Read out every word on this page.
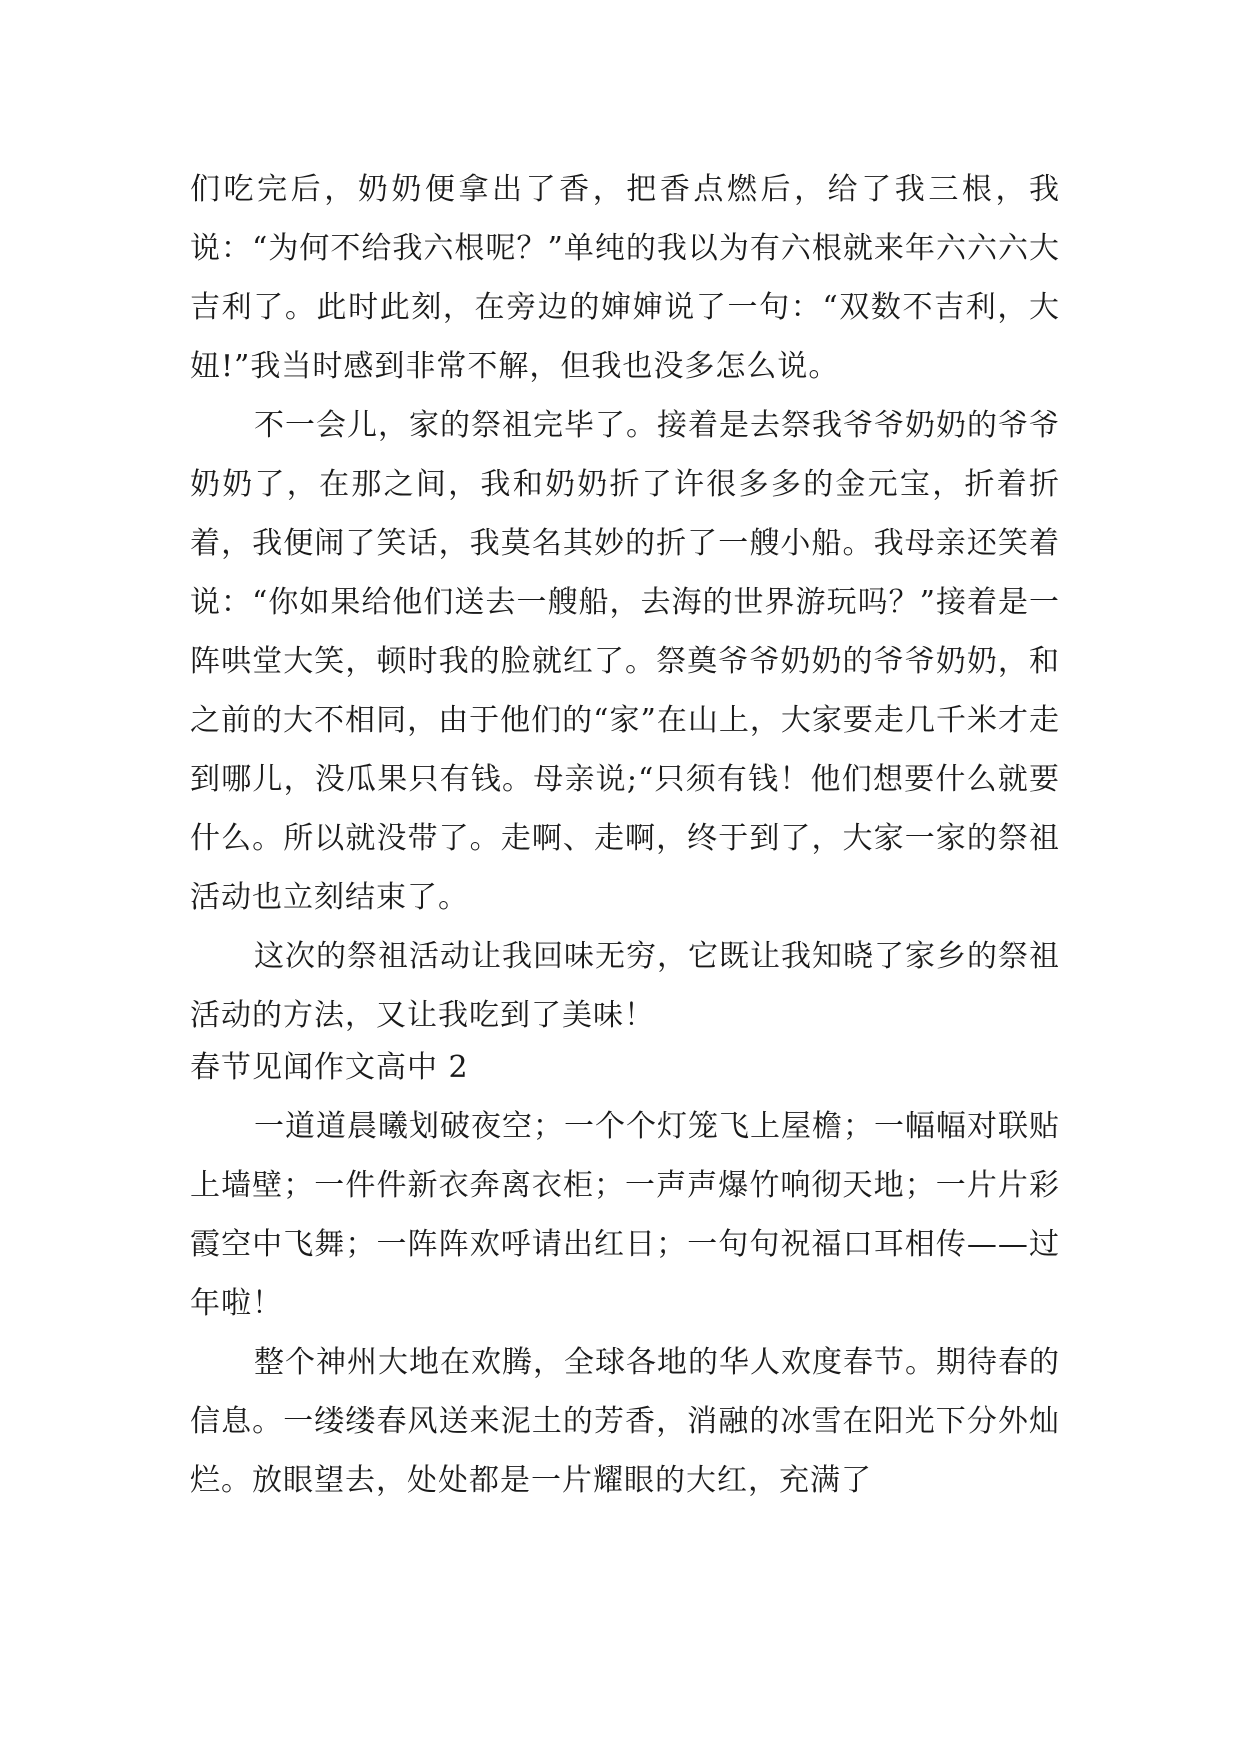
们吃完后，奶奶便拿出了香，把香点燃后，给了我三根，我说：“为何不给我六根呢？”单纯的我以为有六根就来年六六六大吉利了。此时此刻，在旁边的婶婶说了一句：“双数不吉利，大妞!”我当时感到非常不解，但我也没多怎么说。

不一会儿，家的祭祖完毕了。接着是去祭我爷爷奶奶的爷爷奶奶了，在那之间，我和奶奶折了许很多多的金元宝，折着折着，我便闹了笑话，我莫名其妙的折了一艘小船。我母亲还笑着说：“你如果给他们送去一艘船，去海的世界游玩吗？”接着是一阵哄堂大笑，顿时我的脸就红了。祭奠爷爷奶奶的爷爷奶奶，和之前的大不相同，由于他们的“家”在山上，大家要走几千米才走到哪儿，没瓜果只有钱。母亲说;“只须有钱！他们想要什么就要什么。所以就没带了。走啊、走啊，终于到了，大家一家的祭祖活动也立刻结束了。

这次的祭祖活动让我回味无穷，它既让我知晓了家乡的祭祖活动的方法，又让我吃到了美味！

春节见闻作文高中 2

一道道晨曦划破夜空；一个个灯笼飞上屋檐；一幅幅对联贴上墙壁；一件件新衣奔离衣柜；一声声爆竹响彻天地；一片片彩霞空中飞舞；一阵阵欢呼请出红日；一句句祝福口耳相传——过年啦！

整个神州大地在欢腾，全球各地的华人欢度春节。期待春的信息。一缕缕春风送来泥土的芳香，消融的冰雪在阳光下分外灿烂。放眼望去，处处都是一片耀眼的大红，充满了
